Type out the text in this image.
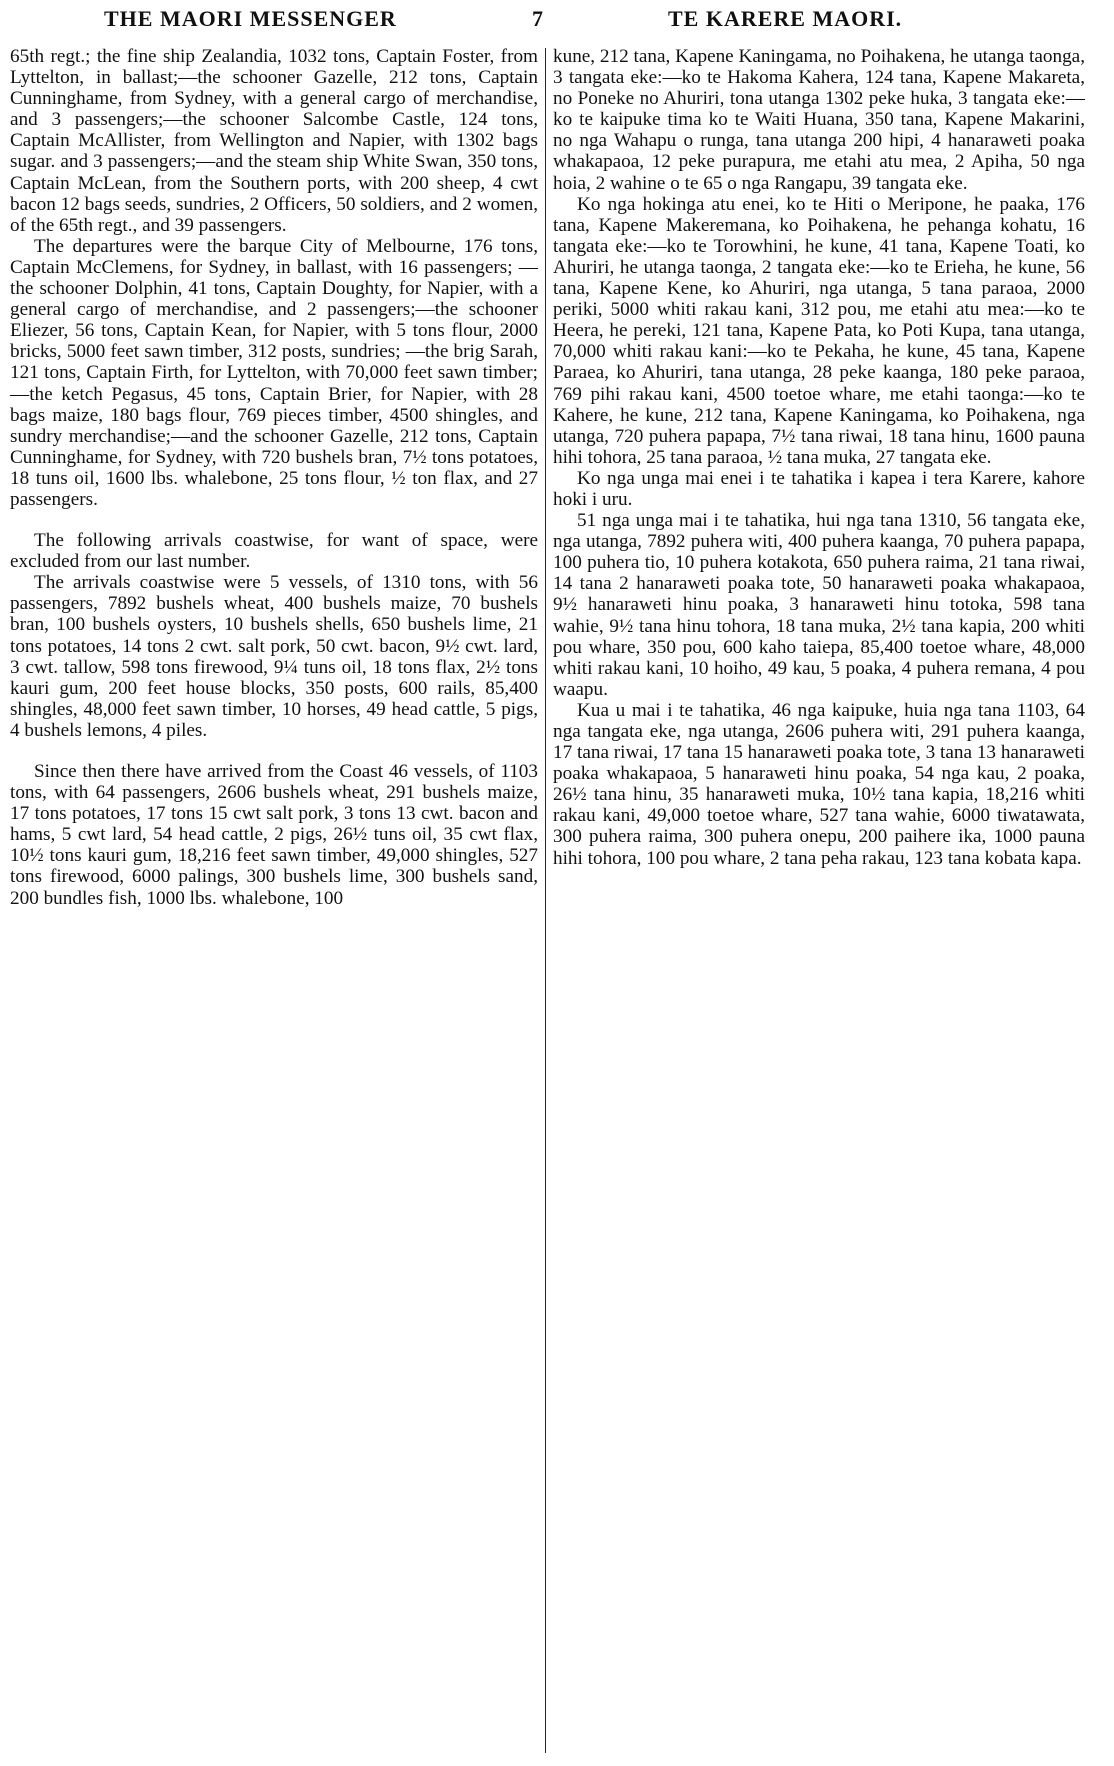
THE MAORI MESSENGER	7	TE KARERE MAORI.

65th regt.; the fine ship Zealandia, 1032 tons, Captain Foster, from Lyttelton, in ballast;—the schooner Gazelle, 212 tons, Captain Cunninghame, from Sydney, with a general cargo of merchandise, and 3 passengers;—the schooner Salcombe Castle, 124 tons, Captain McAllister, from Wellington and Napier, with 1302 bags sugar. and 3 passengers;—and the steam ship White Swan, 350 tons, Captain McLean, from the Southern ports, with 200 sheep, 4 cwt bacon 12 bags seeds, sundries, 2 Officers, 50 soldiers, and 2 women, of the 65th regt., and 39 passengers.

The departures were the barque City of Melbourne, 176 tons, Captain McClemens, for Sydney, in ballast, with 16 passengers; —the schooner Dolphin, 41 tons, Captain Doughty, for Napier, with a general cargo of merchandise, and 2 passengers;—the schooner Eliezer, 56 tons, Captain Kean, for Napier, with 5 tons flour, 2000 bricks, 5000 feet sawn timber, 312 posts, sundries; —the brig Sarah, 121 tons, Captain Firth, for Lyttelton, with 70,000 feet sawn timber; —the ketch Pegasus, 45 tons, Captain Brier, for Napier, with 28 bags maize, 180 bags flour, 769 pieces timber, 4500 shingles, and sundry merchandise;—and the schooner Gazelle, 212 tons, Captain Cunninghame, for Sydney, with 720 bushels bran, 7½ tons potatoes, 18 tuns oil, 1600 lbs. whalebone, 25 tons flour, ½ ton flax, and 27 passengers.

The following arrivals coastwise, for want of space, were excluded from our last number.

The arrivals coastwise were 5 vessels, of 1310 tons, with 56 passengers, 7892 bushels wheat, 400 bushels maize, 70 bushels bran, 100 bushels oysters, 10 bushels shells, 650 bushels lime, 21 tons potatoes, 14 tons 2 cwt. salt pork, 50 cwt. bacon, 9½ cwt. lard, 3 cwt. tallow, 598 tons firewood, 9¼ tuns oil, 18 tons flax, 2½ tons kauri gum, 200 feet house blocks, 350 posts, 600 rails, 85,400 shingles, 48,000 feet sawn timber, 10 horses, 49 head cattle, 5 pigs, 4 bushels lemons, 4 piles.

Since then there have arrived from the Coast 46 vessels, of 1103 tons, with 64 passengers, 2606 bushels wheat, 291 bushels maize, 17 tons potatoes, 17 tons 15 cwt salt pork, 3 tons 13 cwt. bacon and hams, 5 cwt lard, 54 head cattle, 2 pigs, 26½ tuns oil, 35 cwt flax, 10½ tons kauri gum, 18,216 feet sawn timber, 49,000 shingles, 527 tons firewood, 6000 palings, 300 bushels lime, 300 bushels sand, 200 bundles fish, 1000 lbs. whalebone, 100

kune, 212 tana, Kapene Kaningama, no Poihakena, he utanga taonga, 3 tangata eke:—ko te Hakoma Kahera, 124 tana, Kapene Makareta, no Poneke no Ahuriri, tona utanga 1302 peke huka, 3 tangata eke:—ko te kaipuke tima ko te Waiti Huana, 350 tana, Kapene Makarini, no nga Wahapu o runga, tana utanga 200 hipi, 4 hanaraweti poaka whakapaoa, 12 peke purapura, me etahi atu mea, 2 Apiha, 50 nga hoia, 2 wahine o te 65 o nga Rangapu, 39 tangata eke.

Ko nga hokinga atu enei, ko te Hiti o Meripone, he paaka, 176 tana, Kapene Makeremana, ko Poihakena, he pehanga kohatu, 16 tangata eke:—ko te Torowhini, he kune, 41 tana, Kapene Toati, ko Ahuriri, he utanga taonga, 2 tangata eke:—ko te Erieha, he kune, 56 tana, Kapene Kene, ko Ahuriri, nga utanga, 5 tana paraoa, 2000 periki, 5000 whiti rakau kani, 312 pou, me etahi atu mea:—ko te Heera, he pereki, 121 tana, Kapene Pata, ko Poti Kupa, tana utanga, 70,000 whiti rakau kani:—ko te Pekaha, he kune, 45 tana, Kapene Paraea, ko Ahuriri, tana utanga, 28 peke kaanga, 180 peke paraoa, 769 pihi rakau kani, 4500 toetoe whare, me etahi taonga:—ko te Kahere, he kune, 212 tana, Kapene Kaningama, ko Poihakena, nga utanga, 720 puhera papapa, 7½ tana riwai, 18 tana hinu, 1600 pauna hihi tohora, 25 tana paraoa, ½ tana muka, 27 tangata eke.

Ko nga unga mai enei i te tahatika i kapea i tera Karere, kahore hoki i uru.

51 nga unga mai i te tahatika, hui nga tana 1310, 56 tangata eke, nga utanga, 7892 puhera witi, 400 puhera kaanga, 70 puhera papapa, 100 puhera tio, 10 puhera kotakota, 650 puhera raima, 21 tana riwai, 14 tana 2 hanaraweti poaka tote, 50 hanaraweti poaka whakapaoa, 9½ hanaraweti hinu poaka, 3 hanaraweti hinu totoka, 598 tana wahie, 9½ tana hinu tohora, 18 tana muka, 2½ tana kapia, 200 whiti pou whare, 350 pou, 600 kaho taiepa, 85,400 toetoe whare, 48,000 whiti rakau kani, 10 hoiho, 49 kau, 5 poaka, 4 puhera remana, 4 pou waapu.

Kua u mai i te tahatika, 46 nga kaipuke, huia nga tana 1103, 64 nga tangata eke, nga utanga, 2606 puhera witi, 291 puhera kaanga, 17 tana riwai, 17 tana 15 hanaraweti poaka tote, 3 tana 13 hanaraweti poaka whakapaoa, 5 hanaraweti hinu poaka, 54 nga kau, 2 poaka, 26½ tana hinu, 35 hanaraweti muka, 10½ tana kapia, 18,216 whiti rakau kani, 49,000 toetoe whare, 527 tana wahie, 6000 tiwatawata, 300 puhera raima, 300 puhera onepu, 200 paihere ika, 1000 pauna hihi tohora, 100 pou whare, 2 tana peha rakau, 123 tana kobata kapa.
